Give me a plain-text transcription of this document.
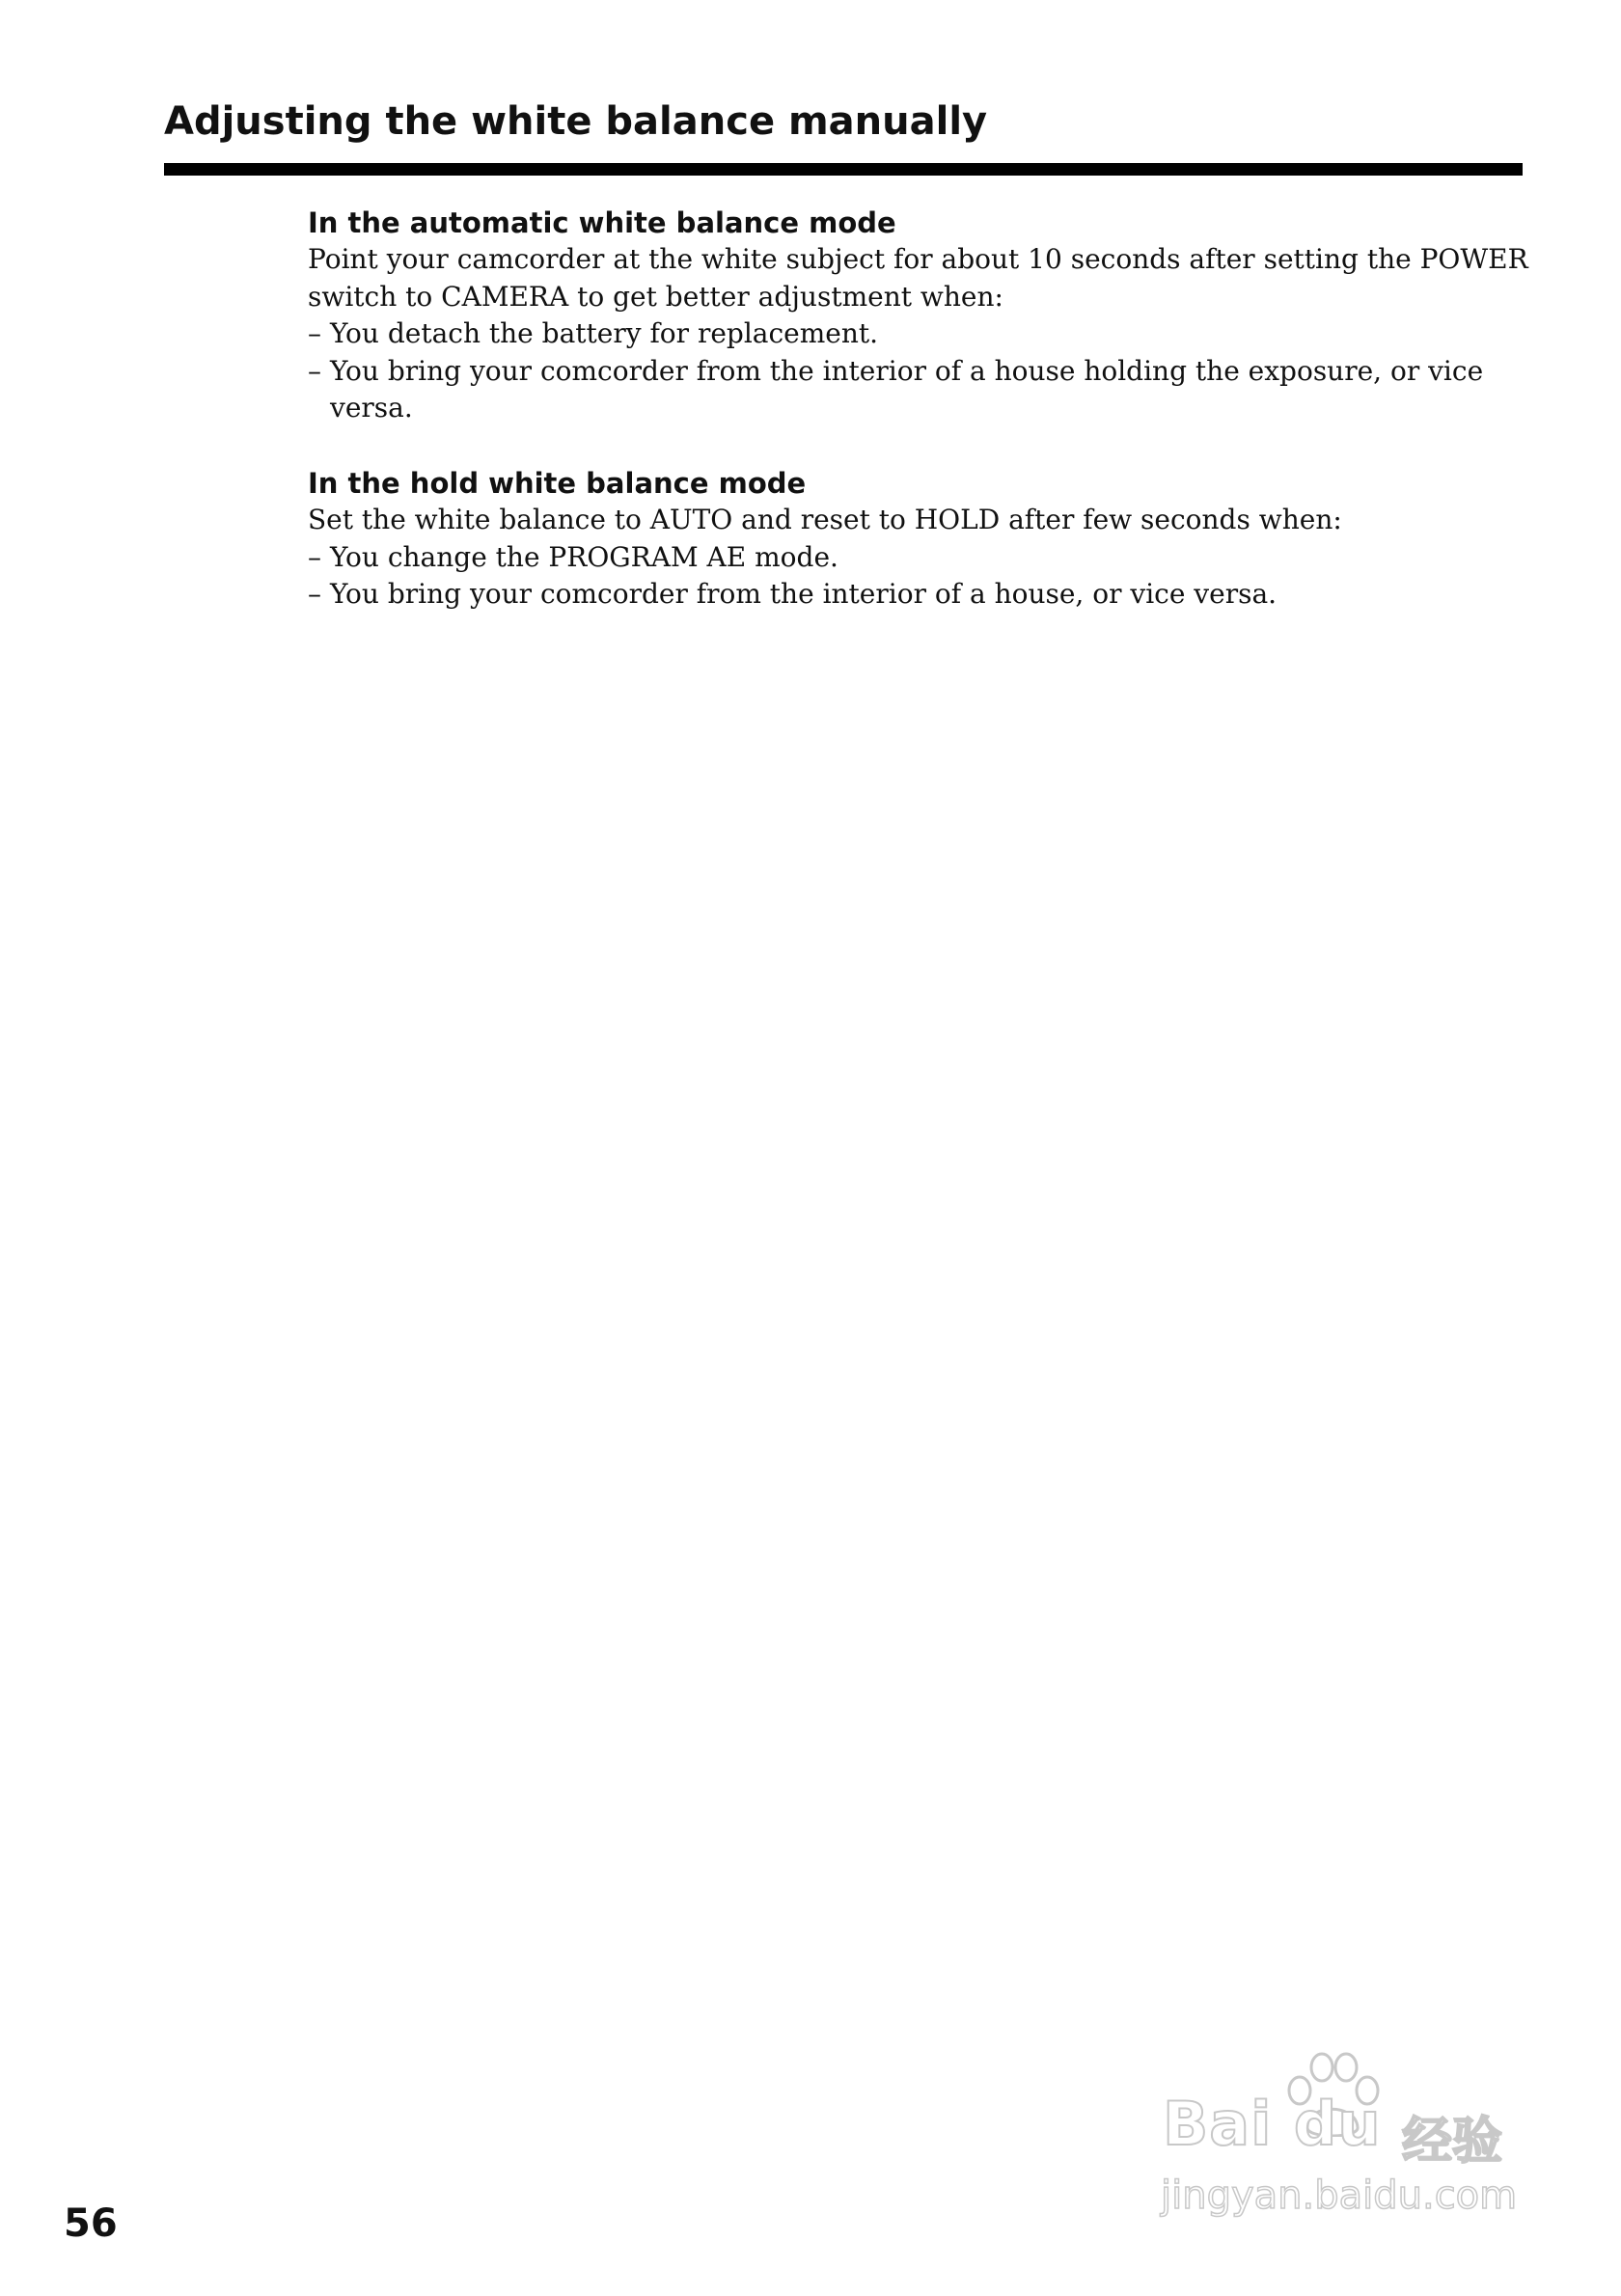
Adjusting the white balance manually

In the automatic white balance mode

Point your camcorder at the white subject for about 10 seconds after setting the POWER

switch to CAMERA to get better adjustment when:

– You detach the battery for replacement.
– You bring your comcorder from the interior of a house holding the exposure, or vice versa.

In the hold white balance mode

Set the white balance to AUTO and reset to HOLD after few seconds when:

– You change the PROGRAM AE mode.
– You bring your comcorder from the interior of a house, or vice versa.

56

Bai du 经验
jingyan.baidu.com
